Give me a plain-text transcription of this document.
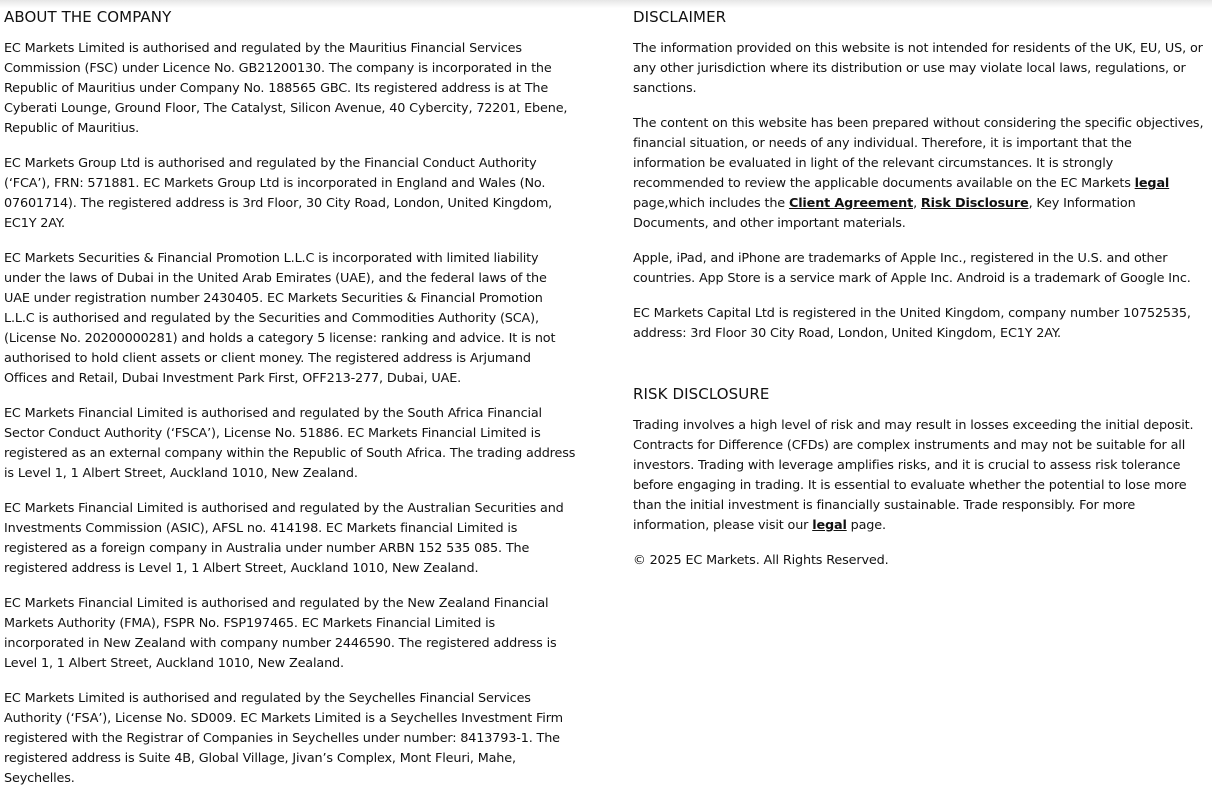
ABOUT THE COMPANY

EC Markets Limited is authorised and regulated by the Mauritius Financial Services Commission (FSC) under Licence No. GB21200130. The company is incorporated in the Republic of Mauritius under Company No. 188565 GBC. Its registered address is at The Cyberati Lounge, Ground Floor, The Catalyst, Silicon Avenue, 40 Cybercity, 72201, Ebene, Republic of Mauritius.

EC Markets Group Ltd is authorised and regulated by the Financial Conduct Authority (‘FCA’), FRN: 571881. EC Markets Group Ltd is incorporated in England and Wales (No. 07601714). The registered address is 3rd Floor, 30 City Road, London, United Kingdom, EC1Y 2AY.

EC Markets Securities & Financial Promotion L.L.C is incorporated with limited liability under the laws of Dubai in the United Arab Emirates (UAE), and the federal laws of the UAE under registration number 2430405. EC Markets Securities & Financial Promotion L.L.C is authorised and regulated by the Securities and Commodities Authority (SCA), (License No. 20200000281) and holds a category 5 license: ranking and advice. It is not authorised to hold client assets or client money. The registered address is Arjumand Offices and Retail, Dubai Investment Park First, OFF213-277, Dubai, UAE.

EC Markets Financial Limited is authorised and regulated by the South Africa Financial Sector Conduct Authority (‘FSCA’), License No. 51886. EC Markets Financial Limited is registered as an external company within the Republic of South Africa. The trading address is Level 1, 1 Albert Street, Auckland 1010, New Zealand.

EC Markets Financial Limited is authorised and regulated by the Australian Securities and Investments Commission (ASIC), AFSL no. 414198. EC Markets financial Limited is registered as a foreign company in Australia under number ARBN 152 535 085. The registered address is Level 1, 1 Albert Street, Auckland 1010, New Zealand.

EC Markets Financial Limited is authorised and regulated by the New Zealand Financial Markets Authority (FMA), FSPR No. FSP197465. EC Markets Financial Limited is incorporated in New Zealand with company number 2446590. The registered address is Level 1, 1 Albert Street, Auckland 1010, New Zealand.

EC Markets Limited is authorised and regulated by the Seychelles Financial Services Authority (‘FSA’), License No. SD009. EC Markets Limited is a Seychelles Investment Firm registered with the Registrar of Companies in Seychelles under number: 8413793-1. The registered address is Suite 4B, Global Village, Jivan’s Complex, Mont Fleuri, Mahe, Seychelles.

DISCLAIMER

The information provided on this website is not intended for residents of the UK, EU, US, or any other jurisdiction where its distribution or use may violate local laws, regulations, or sanctions.

The content on this website has been prepared without considering the specific objectives, financial situation, or needs of any individual. Therefore, it is important that the information be evaluated in light of the relevant circumstances. It is strongly recommended to review the applicable documents available on the EC Markets legal page,which includes the Client Agreement, Risk Disclosure, Key Information Documents, and other important materials.

Apple, iPad, and iPhone are trademarks of Apple Inc., registered in the U.S. and other countries. App Store is a service mark of Apple Inc. Android is a trademark of Google Inc.

EC Markets Capital Ltd is registered in the United Kingdom, company number 10752535, address: 3rd Floor 30 City Road, London, United Kingdom, EC1Y 2AY.

RISK DISCLOSURE

Trading involves a high level of risk and may result in losses exceeding the initial deposit. Contracts for Difference (CFDs) are complex instruments and may not be suitable for all investors. Trading with leverage amplifies risks, and it is crucial to assess risk tolerance before engaging in trading. It is essential to evaluate whether the potential to lose more than the initial investment is financially sustainable. Trade responsibly. For more information, please visit our legal page.

© 2025 EC Markets. All Rights Reserved.
